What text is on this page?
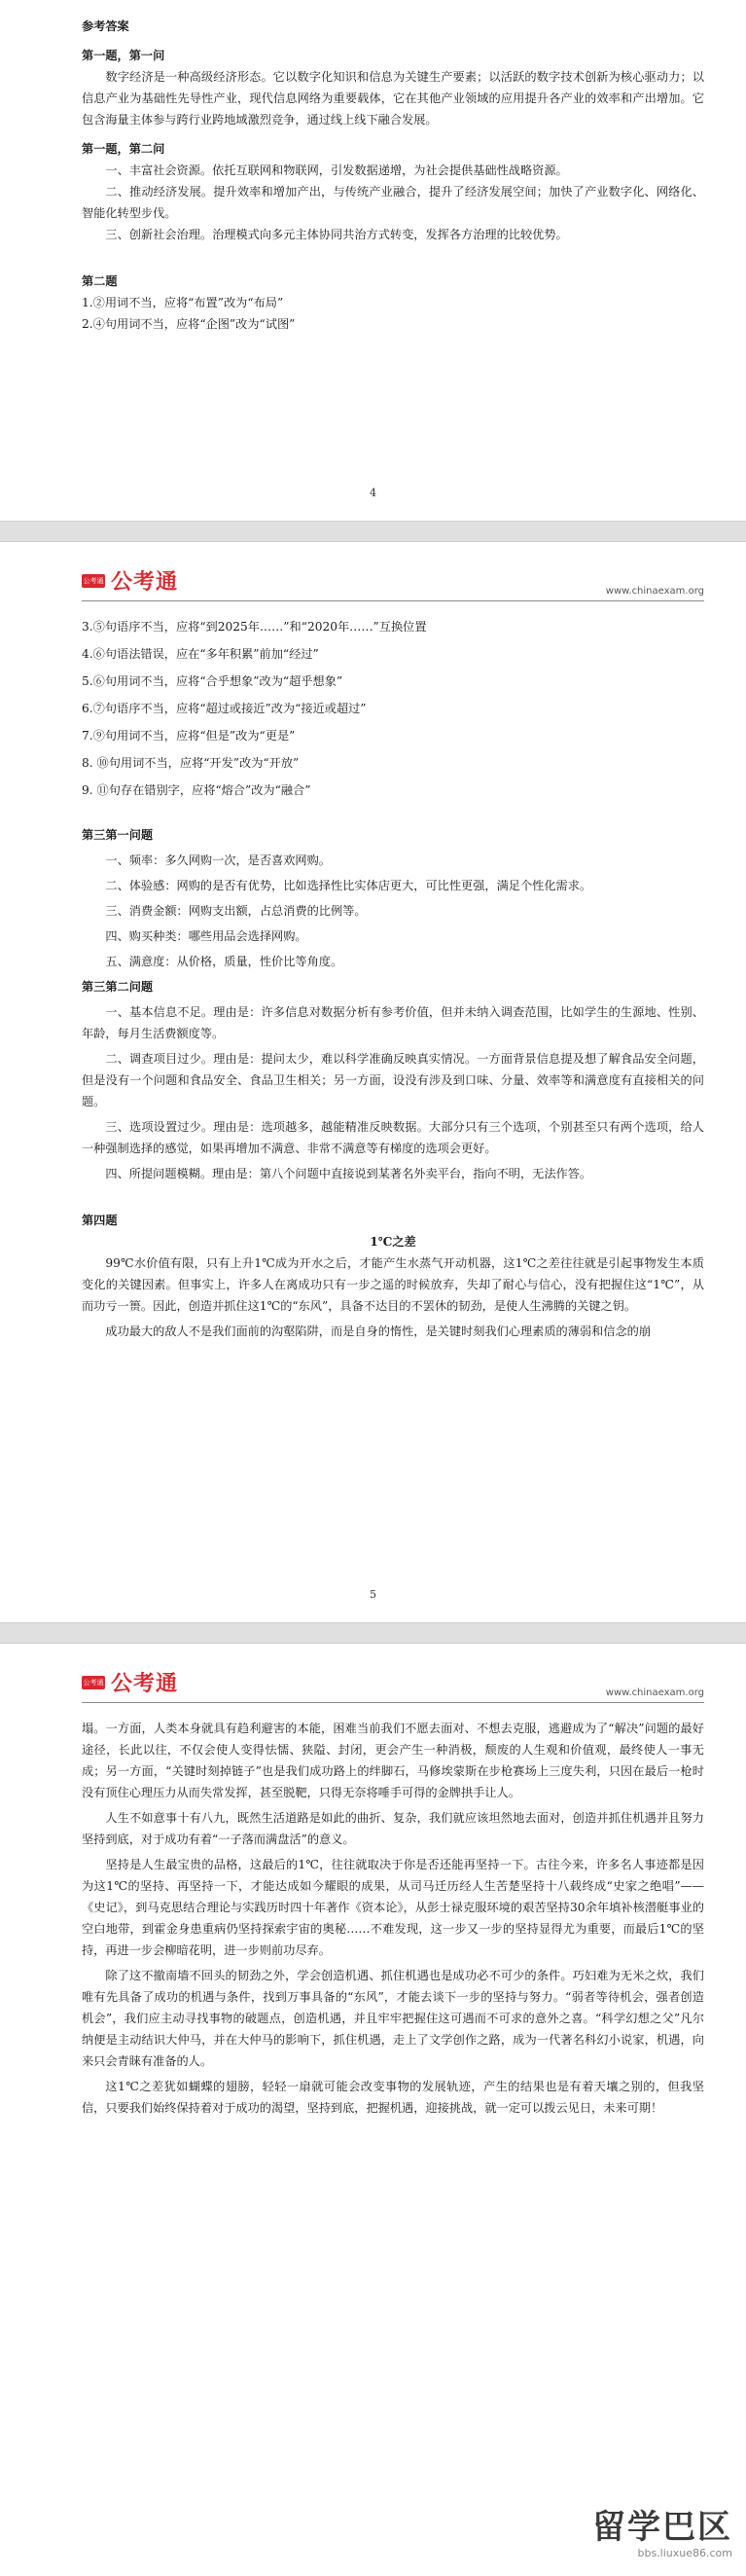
参考答案

第一题，第一问

数字经济是一种高级经济形态。它以数字化知识和信息为关键生产要素；以活跃的数字技术创新为核心驱动力；以信息产业为基础性先导性产业，现代信息网络为重要载体，它在其他产业领域的应用提升各产业的效率和产出增加。它包含海量主体参与跨行业跨地域激烈竞争，通过线上线下融合发展。

第一题，第二问

一、丰富社会资源。依托互联网和物联网，引发数据递增，为社会提供基础性战略资源。

二、推动经济发展。提升效率和增加产出，与传统产业融合，提升了经济发展空间；加快了产业数字化、网络化、智能化转型步伐。

三、创新社会治理。治理模式向多元主体协同共治方式转变，发挥各方治理的比较优势。

第二题

1.②用词不当，应将“布置”改为“布局”

2.④句用词不当，应将“企图”改为“试图”

4
公考通 公考通	www.chinaexam.org

3.⑤句语序不当，应将“到2025年……”和“2020年……”互换位置

4.⑥句语法错误，应在“多年积累”前加“经过”

5.⑥句用词不当，应将“合乎想象”改为“超乎想象”

6.⑦句语序不当，应将“超过或接近”改为“接近或超过”

7.⑨句用词不当，应将“但是”改为“更是”

8. ⑩句用词不当，应将“开发”改为“开放”

9. ⑪句存在错别字，应将“熔合”改为“融合”

第三第一问题

一、频率：多久网购一次，是否喜欢网购。

二、体验感：网购的是否有优势，比如选择性比实体店更大，可比性更强，满足个性化需求。

三、消费金额：网购支出额，占总消费的比例等。

四、购买种类：哪些用品会选择网购。

五、满意度：从价格，质量，性价比等角度。

第三第二问题

一、基本信息不足。理由是：许多信息对数据分析有参考价值，但并未纳入调查范围，比如学生的生源地、性别、年龄，每月生活费额度等。

二、调查项目过少。理由是：提问太少，难以科学准确反映真实情况。一方面背景信息提及想了解食品安全问题，但是没有一个问题和食品安全、食品卫生相关；另一方面，设没有涉及到口味、分量、效率等和满意度有直接相关的问题。

三、选项设置过少。理由是：选项越多，越能精准反映数据。大部分只有三个选项，个别甚至只有两个选项，给人一种强制选择的感觉，如果再增加不满意、非常不满意等有梯度的选项会更好。

四、所提问题模糊。理由是：第八个问题中直接说到某著名外卖平台，指向不明，无法作答。

第四题

1℃之差

99℃水价值有限，只有上升1℃成为开水之后，才能产生水蒸气开动机器，这1℃之差往往就是引起事物发生本质变化的关键因素。但事实上，许多人在离成功只有一步之遥的时候放弃，失却了耐心与信心，没有把握住这“1℃”，从而功亏一篑。因此，创造并抓住这1℃的“东风”，具备不达目的不罢休的韧劲，是使人生沸腾的关键之钥。

成功最大的敌人不是我们面前的沟壑陷阱，而是自身的惰性，是关键时刻我们心理素质的薄弱和信念的崩

5
公考通 公考通	www.chinaexam.org

塌。一方面，人类本身就具有趋利避害的本能，困难当前我们不愿去面对、不想去克服，逃避成为了“解决”问题的最好途径，长此以往，不仅会使人变得怯懦、狭隘、封闭，更会产生一种消极，颓废的人生观和价值观，最终使人一事无成；另一方面，“关键时刻掉链子”也是我们成功路上的绊脚石，马修埃蒙斯在步枪赛场上三度失利，只因在最后一枪时没有顶住心理压力从而失常发挥，甚至脱靶，只得无奈将唾手可得的金牌拱手让人。

人生不如意事十有八九，既然生活道路是如此的曲折、复杂，我们就应该坦然地去面对，创造并抓住机遇并且努力坚持到底，对于成功有着“一子落而满盘活”的意义。

坚持是人生最宝贵的品格，这最后的1℃，往往就取决于你是否还能再坚持一下。古往今来，许多名人事迹都是因为这1℃的坚持、再坚持一下，才能达成如今耀眼的成果，从司马迁历经人生苦楚坚持十八载终成“史家之绝唱”——《史记》，到马克思结合理论与实践历时四十年著作《资本论》，从彭士禄克服环境的艰苦坚持30余年填补核潜艇事业的空白地带，到霍金身患重病仍坚持探索宇宙的奥秘……不难发现，这一步又一步的坚持显得尤为重要，而最后1℃的坚持，再进一步会柳暗花明，进一步则前功尽弃。

除了这不撤南墙不回头的韧劲之外，学会创造机遇、抓住机遇也是成功必不可少的条件。巧妇难为无米之炊，我们唯有先具备了成功的机遇与条件，找到万事具备的“东风”，才能去谈下一步的坚持与努力。“弱者等待机会，强者创造机会”，我们应主动寻找事物的破题点，创造机遇，并且牢牢把握住这可遇而不可求的意外之喜。“科学幻想之父”凡尔纳便是主动结识大仲马，并在大仲马的影响下，抓住机遇，走上了文学创作之路，成为一代著名科幻小说家，机遇，向来只会青睐有准备的人。

这1℃之差犹如蝴蝶的翅膀，轻轻一扇就可能会改变事物的发展轨迹，产生的结果也是有着天壤之别的，但我坚信，只要我们始终保持着对于成功的渴望，坚持到底，把握机遇，迎接挑战，就一定可以拨云见日，未来可期！

留学巴区
bbs.liuxue86.com
